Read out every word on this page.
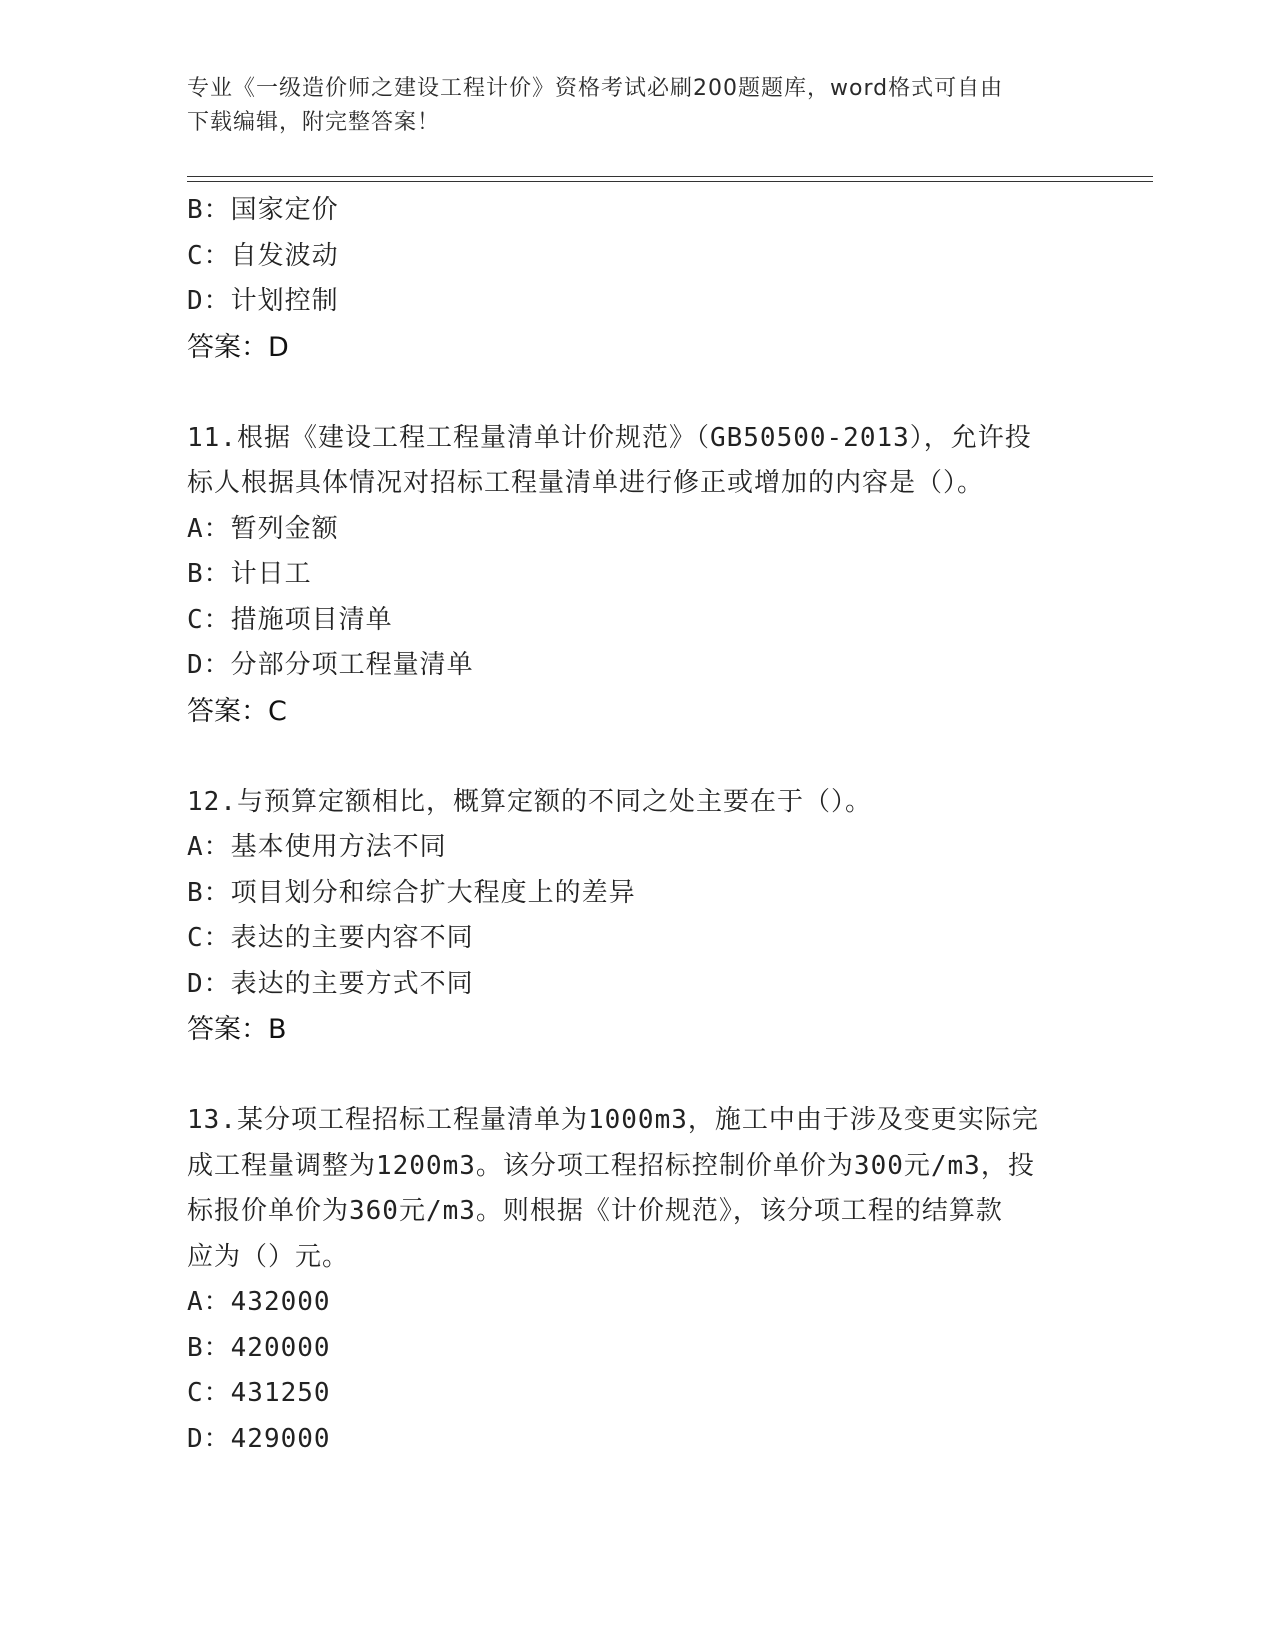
专业《一级造价师之建设工程计价》资格考试必刷200题题库，word格式可自由
下载编辑，附完整答案！
B：国家定价
C：自发波动
D：计划控制
答案：D
11.根据《建设工程工程量清单计价规范》（GB50500-2013），允许投
标人根据具体情况对招标工程量清单进行修正或增加的内容是（）。
A：暂列金额
B：计日工
C：措施项目清单
D：分部分项工程量清单
答案：C
12.与预算定额相比，概算定额的不同之处主要在于（）。
A：基本使用方法不同
B：项目划分和综合扩大程度上的差异
C：表达的主要内容不同
D：表达的主要方式不同
答案：B
13.某分项工程招标工程量清单为1000m3，施工中由于涉及变更实际完
成工程量调整为1200m3。该分项工程招标控制价单价为300元/m3，投
标报价单价为360元/m3。则根据《计价规范》，该分项工程的结算款
应为（）元。
A：432000
B：420000
C：431250
D：429000
